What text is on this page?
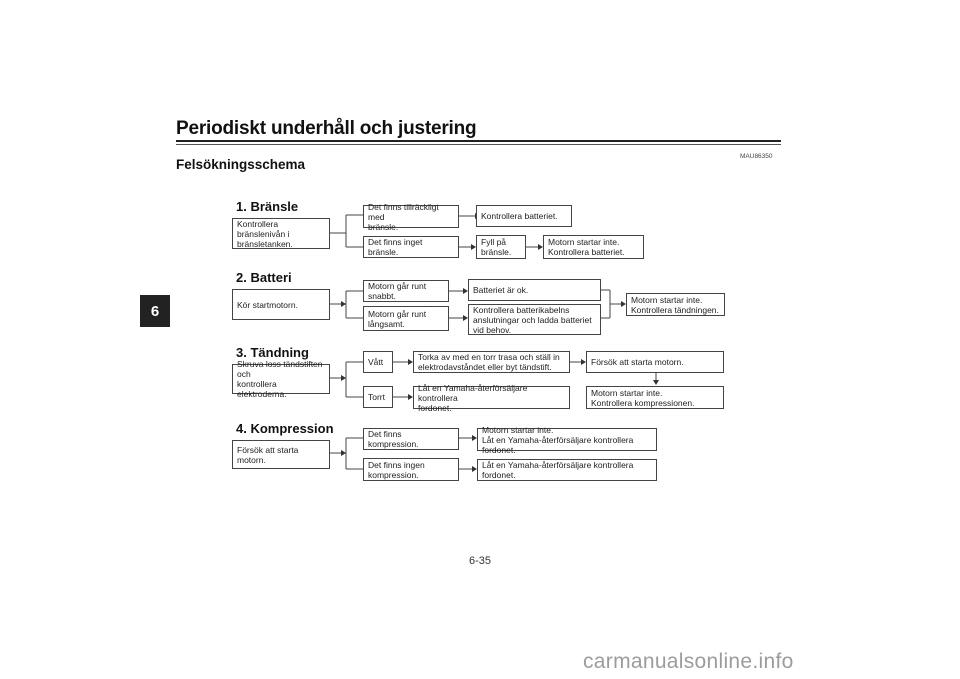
Periodiskt underhåll och justering
MAU86350
Felsökningsschema
6
1. Bränsle
Kontrollera bränslenivån i
bränsletanken.
Det finns tillräckligt med
bränsle.
Kontrollera batteriet.
Det finns inget bränsle.
Fyll på
bränsle.
Motorn startar inte.
Kontrollera batteriet.
2. Batteri
Kör startmotorn.
Motorn går runt snabbt.
Batteriet är ok.
Motorn går runt
långsamt.
Kontrollera batterikabelns
anslutningar och ladda batteriet
vid behov.
Motorn startar inte.
Kontrollera tändningen.
3. Tändning
Skruva loss tändstiften och
kontrollera elektroderna.
Vått	Torka av med en torr trasa och ställ in
elektrodavståndet eller byt tändstift.	Försök att starta motorn.
Torrt
Låt en Yamaha-återförsäljare kontrollera
fordonet.
Motorn startar inte.
Kontrollera kompressionen.
4. Kompression
Försök att starta motorn.
Det finns kompression.
Motorn startar inte.
Låt en Yamaha-återförsäljare kontrollera fordonet.
Det finns ingen
kompression.
Låt en Yamaha-återförsäljare kontrollera fordonet.
6-35
carmanualsonline.info
